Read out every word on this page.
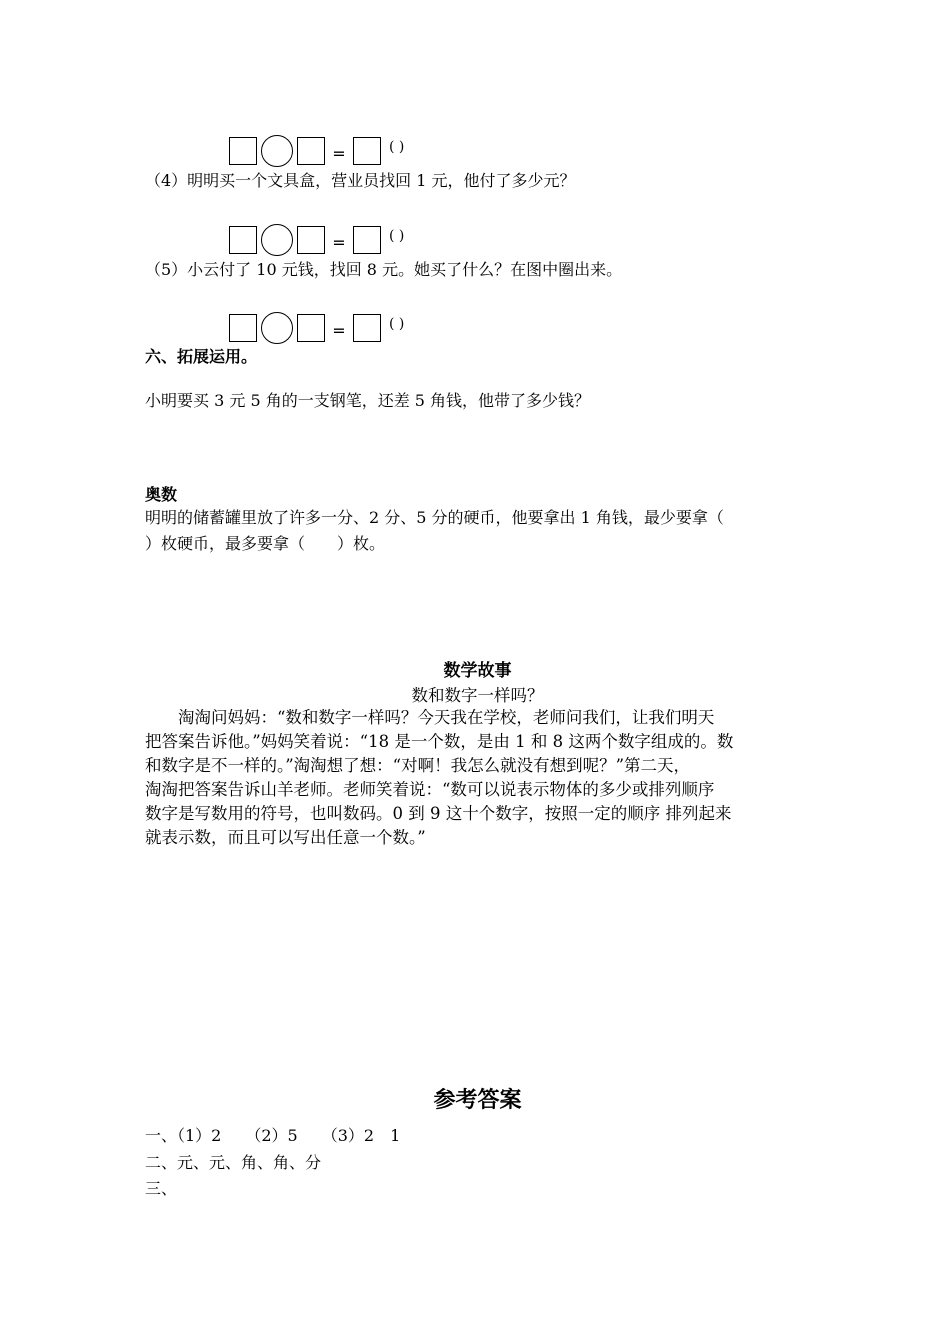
=	( )
（4）明明买一个文具盒，营业员找回 1 元，他付了多少元？
=	( )
（5）小云付了 10 元钱，找回 8 元。她买了什么？在图中圈出来。
=	( )
六、拓展运用。
小明要买 3 元 5 角的一支钢笔，还差 5 角钱，他带了多少钱？
奥数
明明的储蓄罐里放了许多一分、2 分、5 分的硬币，他要拿出 1 角钱，最少要拿（
）枚硬币，最多要拿（　　）枚。
数学故事
数和数字一样吗？

淘淘问妈妈：“数和数字一样吗？今天我在学校，老师问我们，让我们明天

把答案告诉他。”妈妈笑着说：“18 是一个数，是由 1 和 8 这两个数字组成的。数

和数字是不一样的。”淘淘想了想：“对啊！我怎么就没有想到呢？”第二天，

淘淘把答案告诉山羊老师。老师笑着说：“数可以说表示物体的多少或排列顺序

数字是写数用的符号，也叫数码。0 到 9 这十个数字，按照一定的顺序 排列起来

就表示数，而且可以写出任意一个数。”

参考答案
一、（1）2　　（2）5　　（3）2　1
二、元、元、角、角、分
三、
